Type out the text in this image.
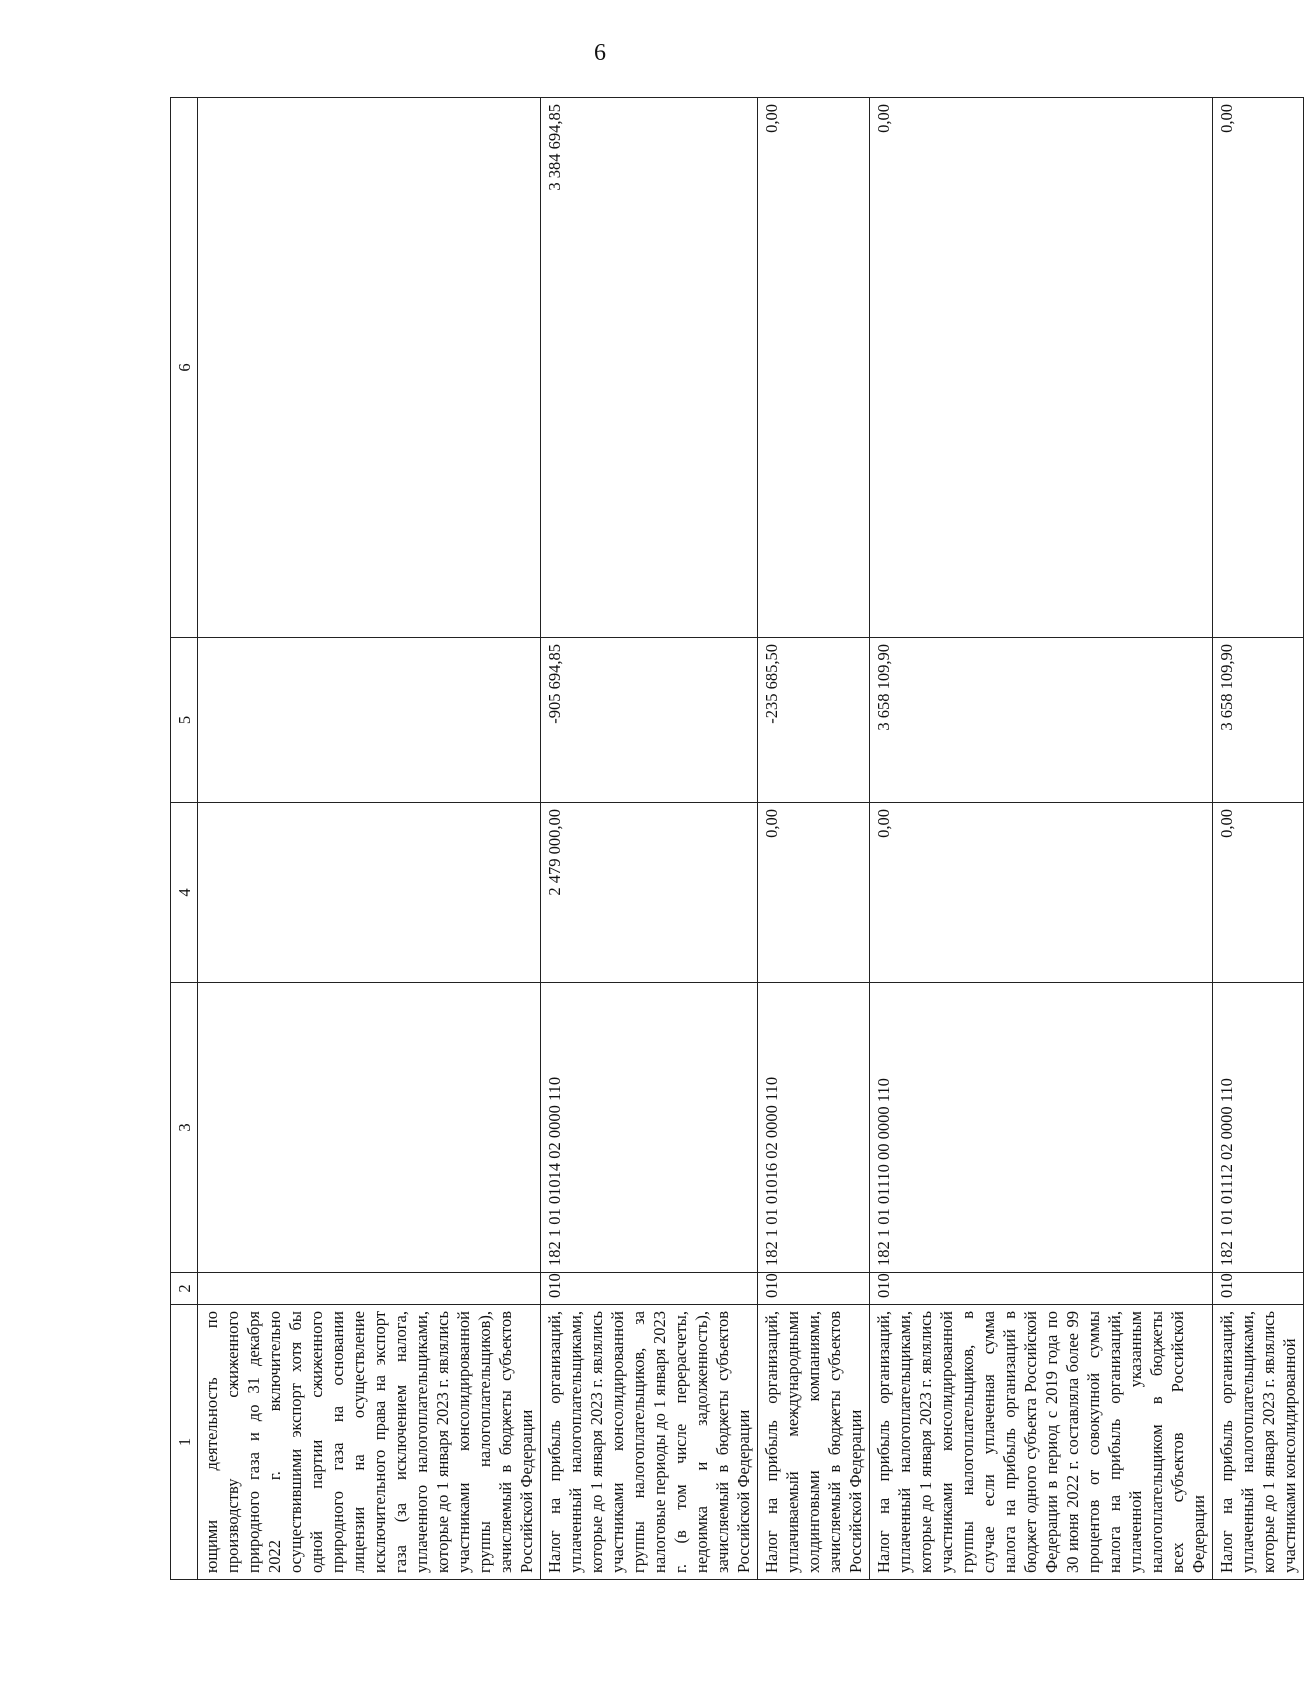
6
1	2	3	4	5	6
ющими деятельность по производству сжиженного природного газа и до 31 декабря 2022 г. включительно осуществившими экспорт хотя бы одной партии сжиженного природного газа на основании лицензии на осуществление исключительного права на экспорт газа (за исключением налога, уплаченного налогоплательщиками, которые до 1 января 2023 г. являлись участниками консолидированной группы налогоплательщиков), зачисляемый в бюджеты субъектов Российской Федерации					
Налог на прибыль организаций, уплаченный налогоплательщиками, которые до 1 января 2023 г. являлись участниками консолидированной группы налогоплательщиков, за налоговые периоды до 1 января 2023 г. (в том числе перерасчеты, недоимка и задолженность), зачисляемый в бюджеты субъектов Российской Федерации	010	182 1 01 01014 02 0000 110	2 479 000,00	-905 694,85	3 384 694,85
Налог на прибыль организаций, уплачиваемый международными холдинговыми компаниями, зачисляемый в бюджеты субъектов Российской Федерации	010	182 1 01 01016 02 0000 110	0,00	-235 685,50	0,00
Налог на прибыль организаций, уплаченный налогоплательщиками, которые до 1 января 2023 г. являлись участниками консолидированной группы налогоплательщиков, в случае если уплаченная сумма налога на прибыль организаций в бюджет одного субъекта Российской Федерации в период с 2019 года по 30 июня 2022 г. составляла более 99 процентов от совокупной суммы налога на прибыль организаций, уплаченной указанным налогоплательщиком в бюджеты всех субъектов Российской Федерации	010	182 1 01 01110 00 0000 110	0,00	3 658 109,90	0,00
Налог на прибыль организаций, уплаченный налогоплательщиками, которые до 1 января 2023 г. являлись участниками консолидированной	010	182 1 01 01112 02 0000 110	0,00	3 658 109,90	0,00
